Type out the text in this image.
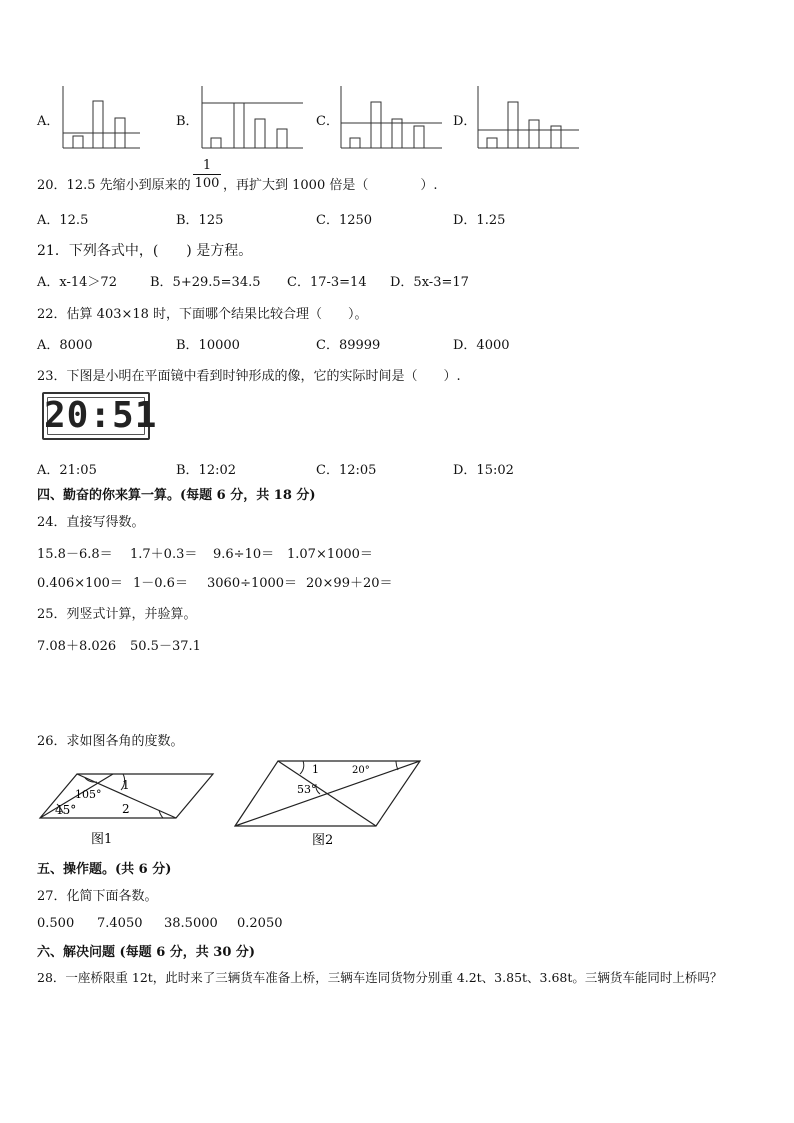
A．	B．	C．	D．
20．12.5 先缩小到原来的
1
100 ，再扩大到 1000 倍是（　　　　）.
A．12.5	B．125	C．1250	D．1.25
21．下列各式中，(　　) 是方程。
A．x-14＞72	B．5+29.5=34.5 C．17-3=14 D．5x-3=17
22．估算 403×18 时，下面哪个结果比较合理（　　）。
A．8000	B．10000	C．89999	D．4000
23．下图是小明在平面镜中看到时钟形成的像，它的实际时间是（　　）.
20:51
A．21:05	B．12:02	C．12:05	D．15:02
四、勤奋的你来算一算。(每题 6 分，共 18 分)
24．直接写得数。
15.8－6.8＝ 1.7＋0.3＝ 9.6÷10＝ 1.07×1000＝
0.406×100＝ 1－0.6＝ 3060÷1000＝ 20×99＋20＝
25．列竖式计算，并验算。
7.08＋8.026 50.5－37.1
26．求如图各角的度数。
105°
45°
1
2
图1
1	20°
53°
图2
五、操作题。(共 6 分)
27．化简下面各数。
0.500 7.4050 38.5000 0.2050
六、解决问题 (每题 6 分，共 30 分)
28．一座桥限重 12t，此时来了三辆货车准备上桥，三辆车连同货物分别重 4.2t、3.85t、3.68t。三辆货车能同时上桥吗？
